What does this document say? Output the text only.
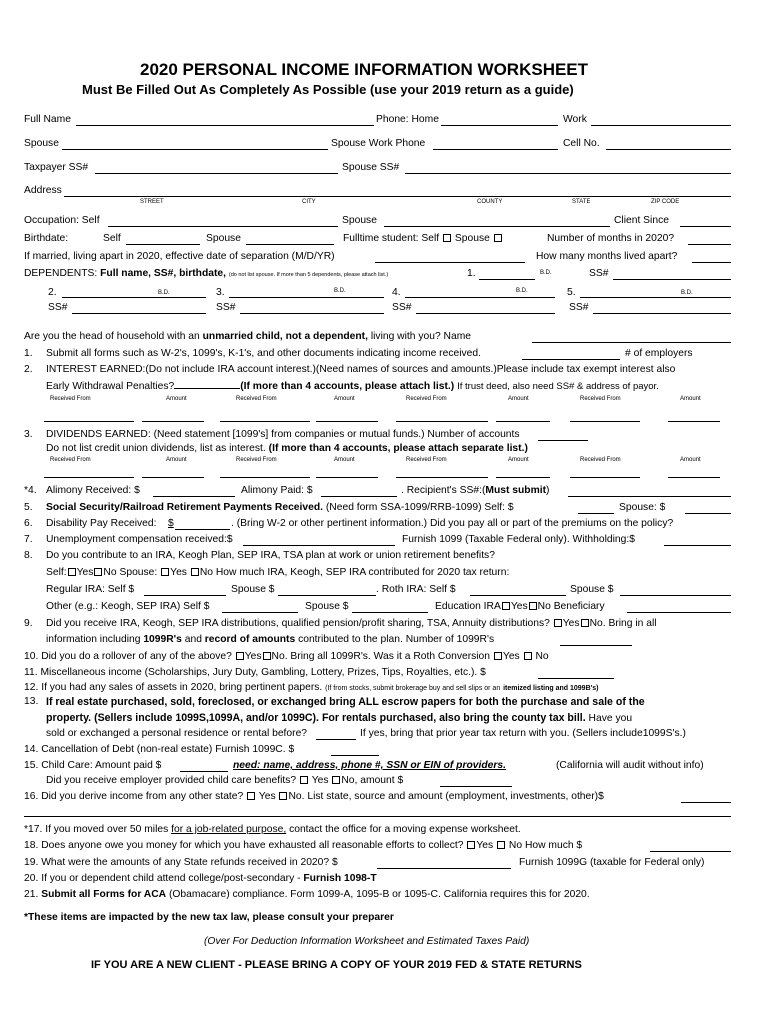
2020 PERSONAL INCOME INFORMATION WORKSHEET
Must Be Filled Out As Completely As Possible (use your 2019 return as a guide)
Full Name	Phone: Home	Work
Spouse	Spouse Work Phone	Cell No.
Taxpayer SS#	Spouse SS#
Address
STREET	CITY	COUNTY	STATE	ZIP CODE
Occupation: Self	Spouse	Client Since
Birthdate:	Self	Spouse	Fulltime student: Self Spouse	Number of months in 2020?
If married, living apart in 2020, effective date of separation (M/D/YR)	How many months lived apart?
DEPENDENTS: Full name, SS#, birthdate, (do not list spouse. If more than 5 dependents, please attach list.)	1.	B.D.	SS#
2.	B.D.	3.	B.D.	4.	B.D.	5.	B.D.
SS#	SS#	SS#	SS#
Are you the head of household with an unmarried child, not a dependent, living with you? Name
1. Submit all forms such as W-2's, 1099's, K-1's, and other documents indicating income received.	# of employers
2. INTEREST EARNED:(Do not include IRA account interest.)(Need names of sources and amounts.)Please include tax exempt interest also
Early Withdrawal Penalties?	(If more than 4 accounts, please attach list.) If trust deed, also need SS# & address of payor.
Received From	Amount	Received From	Amount	Received From	Amount	Received From	Amount
3. DIVIDENDS EARNED: (Need statement [1099's] from companies or mutual funds.) Number of accounts
Do not list credit union dividends, list as interest. (If more than 4 accounts, please attach separate list.)
Received From	Amount	Received From	Amount	Received From	Amount	Received From	Amount
*4. Alimony Received: $	Alimony Paid: $	. Recipient's SS#:(Must submit)
5. Social Security/Railroad Retirement Payments Received. (Need form SSA-1099/RRB-1099) Self: $	Spouse: $
6. Disability Pay Received: $	. (Bring W-2 or other pertinent information.) Did you pay all or part of the premiums on the policy?
7. Unemployment compensation received:$	Furnish 1099 (Taxable Federal only). Withholding:$
8. Do you contribute to an IRA, Keogh Plan, SEP IRA, TSA plan at work or union retirement benefits?
Self: Yes No Spouse: Yes No How much IRA, Keogh, SEP IRA contributed for 2020 tax return:
Regular IRA: Self $	Spouse $	. Roth IRA: Self $	Spouse $
Other (e.g.: Keogh, SEP IRA) Self $	Spouse $	Education IRA Yes No Beneficiary
9. Did you receive IRA, Keogh, SEP IRA distributions, qualified pension/profit sharing, TSA, Annuity distributions? Yes No. Bring in all
information including 1099R's and record of amounts contributed to the plan. Number of 1099R's
10. Did you do a rollover of any of the above? Yes No. Bring all 1099R's. Was it a Roth Conversion Yes No
11. Miscellaneous income (Scholarships, Jury Duty, Gambling, Lottery, Prizes, Tips, Royalties, etc.). $
12. If you had any sales of assets in 2020, bring pertinent papers. (If from stocks, submit brokerage buy and sell slips or an itemized listing and 1099B's)
13. If real estate purchased, sold, foreclosed, or exchanged bring ALL escrow papers for both the purchase and sale of the
property. (Sellers include 1099S,1099A, and/or 1099C). For rentals purchased, also bring the county tax bill. Have you
sold or exchanged a personal residence or rental before?	If yes, bring that prior year tax return with you. (Sellers include1099S's.)
14. Cancellation of Debt (non-real estate) Furnish 1099C. $
15. Child Care: Amount paid $	need: name, address, phone #, SSN or EIN of providers.	(California will audit without info)
Did you receive employer provided child care benefits? Yes No, amount $
16. Did you derive income from any other state? Yes No. List state, source and amount (employment, investments, other)$
*17. If you moved over 50 miles for a job-related purpose, contact the office for a moving expense worksheet.
18. Does anyone owe you money for which you have exhausted all reasonable efforts to collect? Yes No How much $
19. What were the amounts of any State refunds received in 2020? $	Furnish 1099G (taxable for Federal only)
20. If you or dependent child attend college/post-secondary - Furnish 1098-T
21. Submit all Forms for ACA (Obamacare) compliance. Form 1099-A, 1095-B or 1095-C. California requires this for 2020.
*These items are impacted by the new tax law, please consult your preparer
(Over For Deduction Information Worksheet and Estimated Taxes Paid)
IF YOU ARE A NEW CLIENT - PLEASE BRING A COPY OF YOUR 2019 FED & STATE RETURNS
